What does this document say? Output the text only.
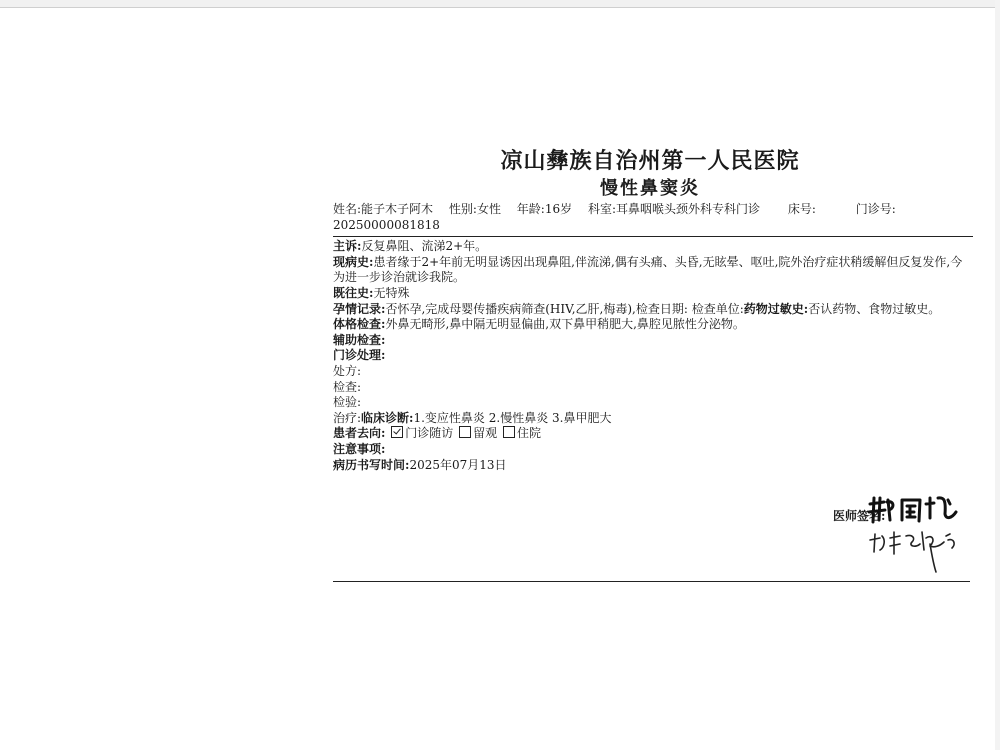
凉山彝族自治州第一人民医院
慢性鼻窦炎
姓名:能子木子阿木 性别:女性 年龄:16岁 科室:耳鼻咽喉头颈外科专科门诊 床号:	门诊号:
20250000081818
主诉:反复鼻阻、流涕2+年。
现病史:患者缘于2+年前无明显诱因出现鼻阻,伴流涕,偶有头痛、头昏,无眩晕、呕吐,院外治疗症状稍缓解但反复发作,今为进一步诊治就诊我院。
既往史:无特殊
孕情记录:否怀孕,完成母婴传播疾病筛查(HIV,乙肝,梅毒),检查日期: 检查单位:药物过敏史:否认药物、食物过敏史。
体格检查:外鼻无畸形,鼻中隔无明显偏曲,双下鼻甲稍肥大,鼻腔见脓性分泌物。
辅助检查:
门诊处理:
处方:
检查:
检验:
治疗:临床诊断:1.变应性鼻炎 2.慢性鼻炎 3.鼻甲肥大
患者去向: 门诊随访 留观 住院
注意事项:
病历书写时间:2025年07月13日
医师签名:
